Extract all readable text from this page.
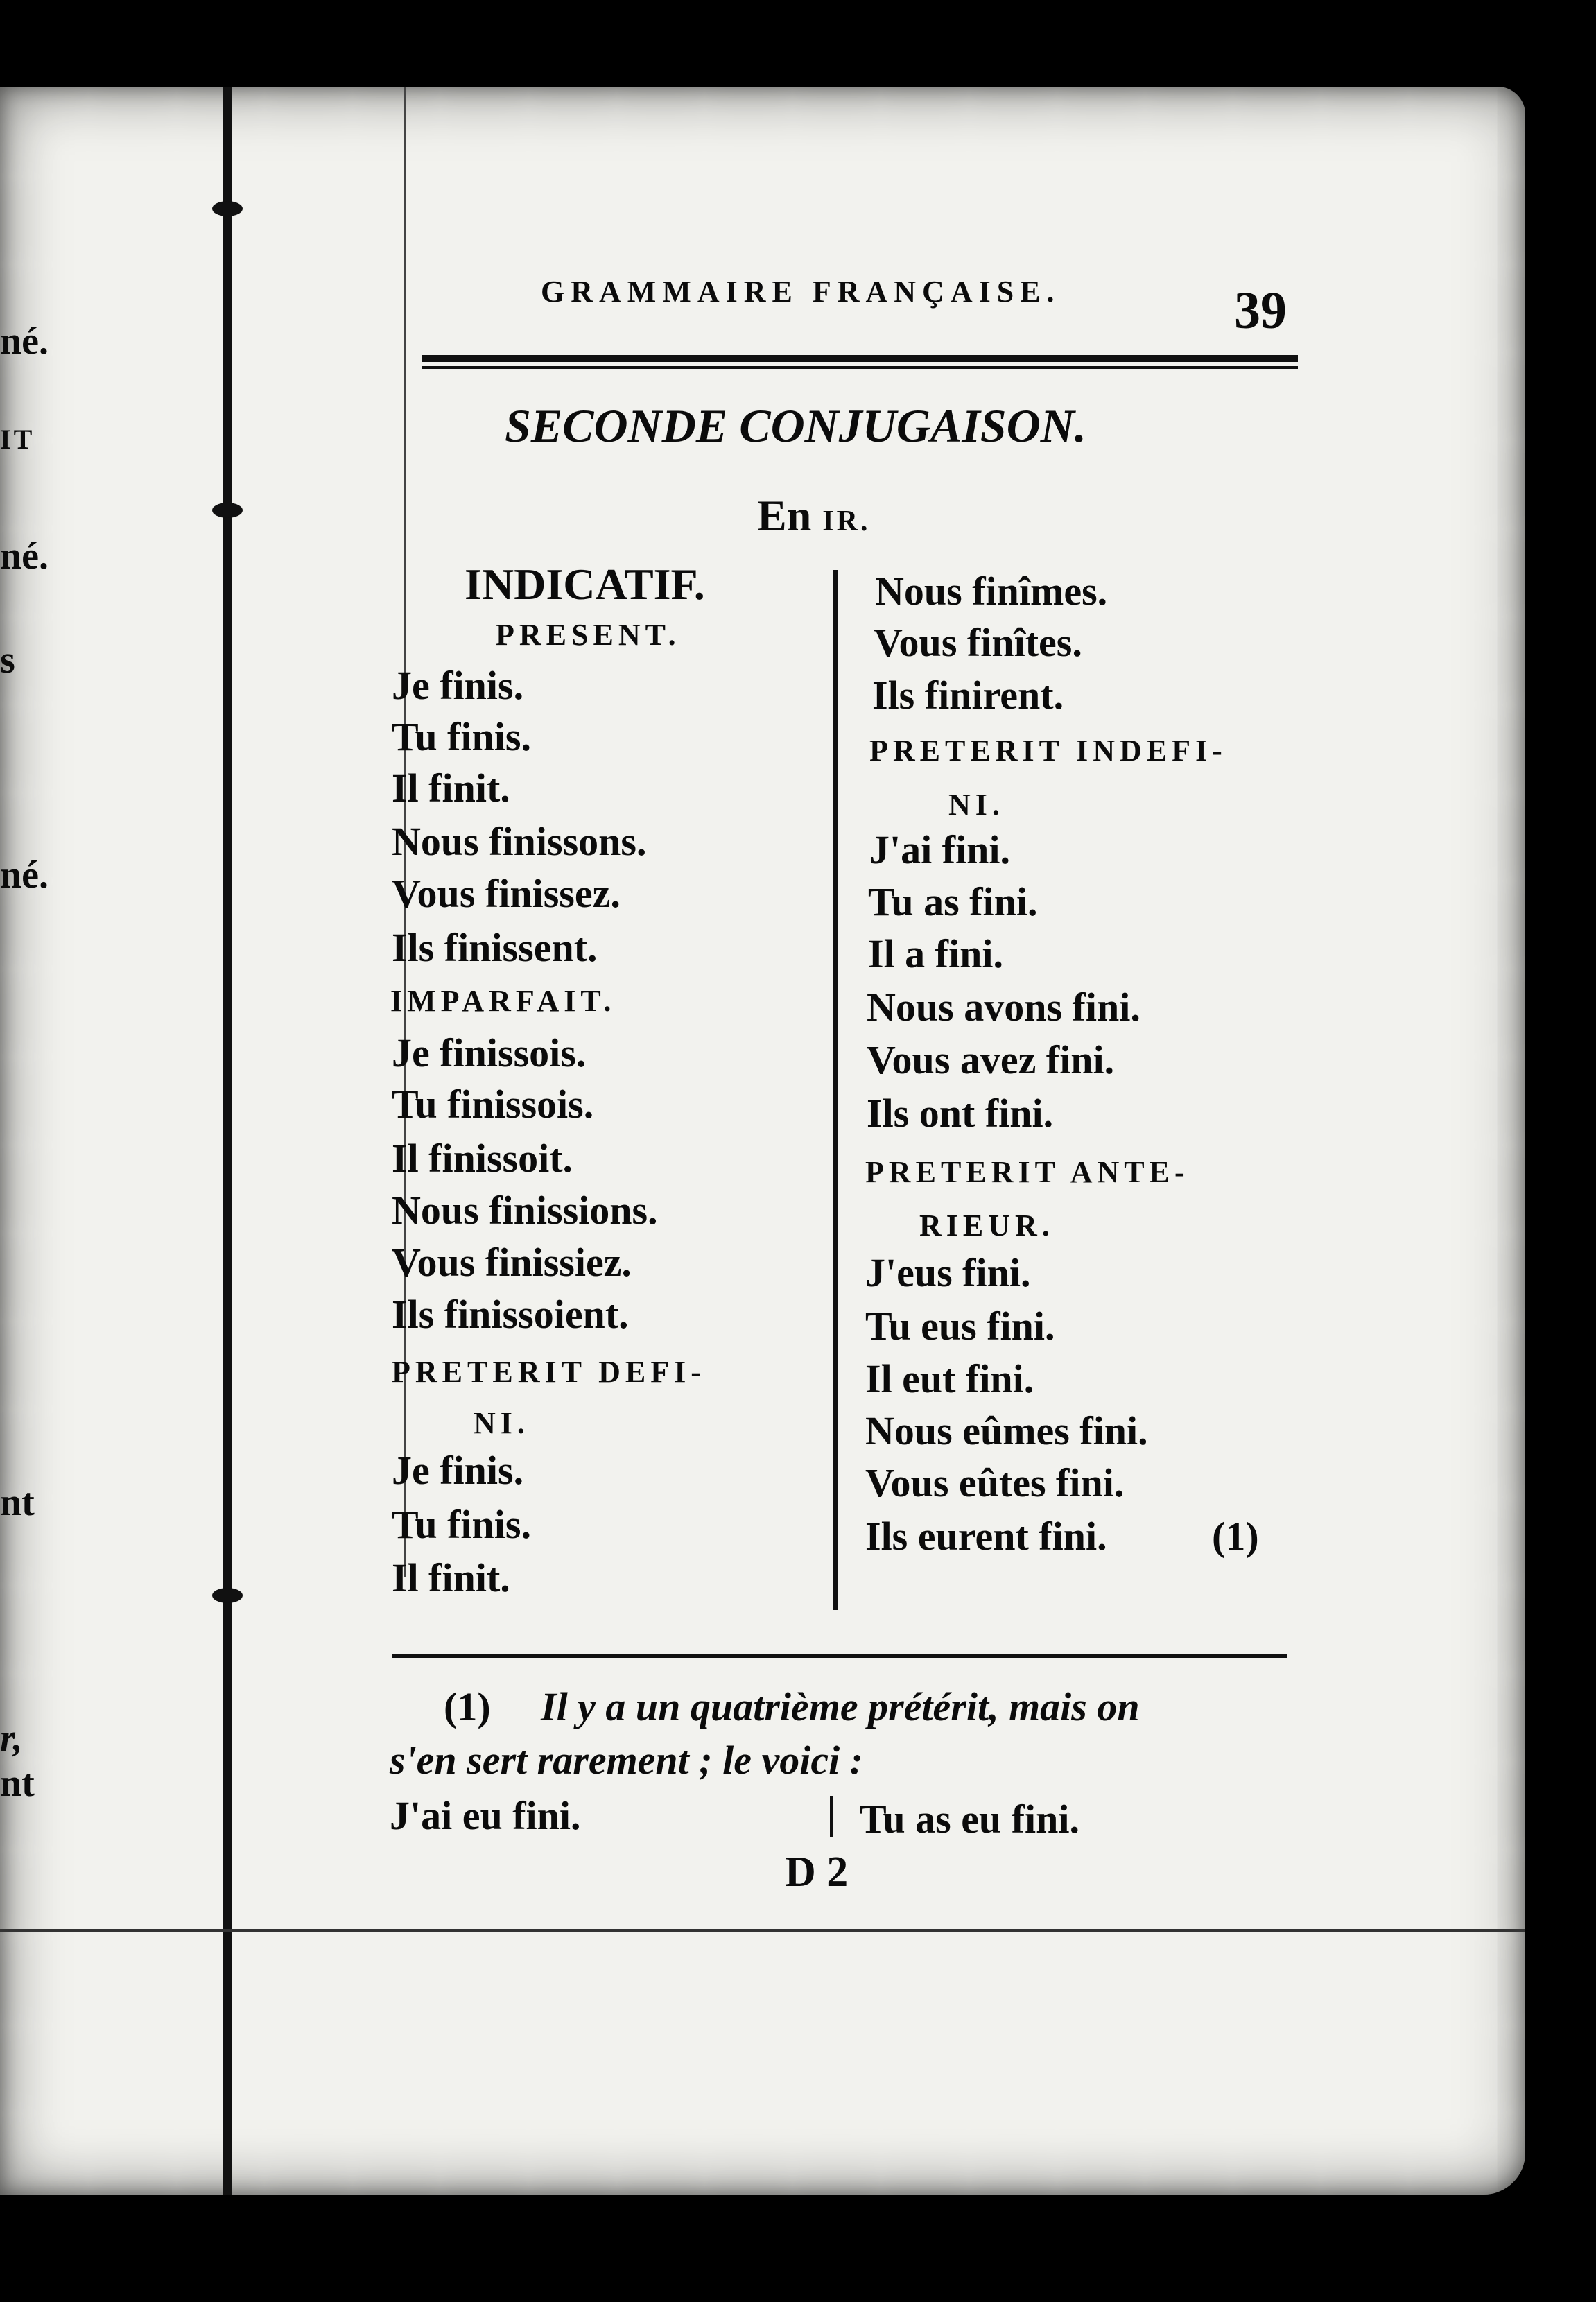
né.
IT
né.
s
né.
nt
r,
nt
GRAMMAIRE FRANÇAISE.	39
SECONDE CONJUGAISON.
En IR.
INDICATIF.
PRESENT.
Je finis.
Tu finis.
Il finit.
Nous finissons.
Vous finissez.
Ils finissent.
IMPARFAIT.
Je finissois.
Tu finissois.
Il finissoit.
Nous finissions.
Vous finissiez.
Ils finissoient.
PRETERIT DEFI-
NI.
Je finis.
Tu finis.
Il finit.
Nous finîmes.
Vous finîtes.
Ils finirent.
PRETERIT INDEFI-
NI.
J'ai fini.
Tu as fini.
Il a fini.
Nous avons fini.
Vous avez fini.
Ils ont fini.
PRETERIT ANTE-
RIEUR.
J'eus fini.
Tu eus fini.
Il eut fini.
Nous eûmes fini.
Vous eûtes fini.
Ils eurent fini.	(1)
(1) Il y a un quatrième prétérit, mais on
s'en sert rarement ; le voici :
J'ai eu fini.	Tu as eu fini.
D 2
